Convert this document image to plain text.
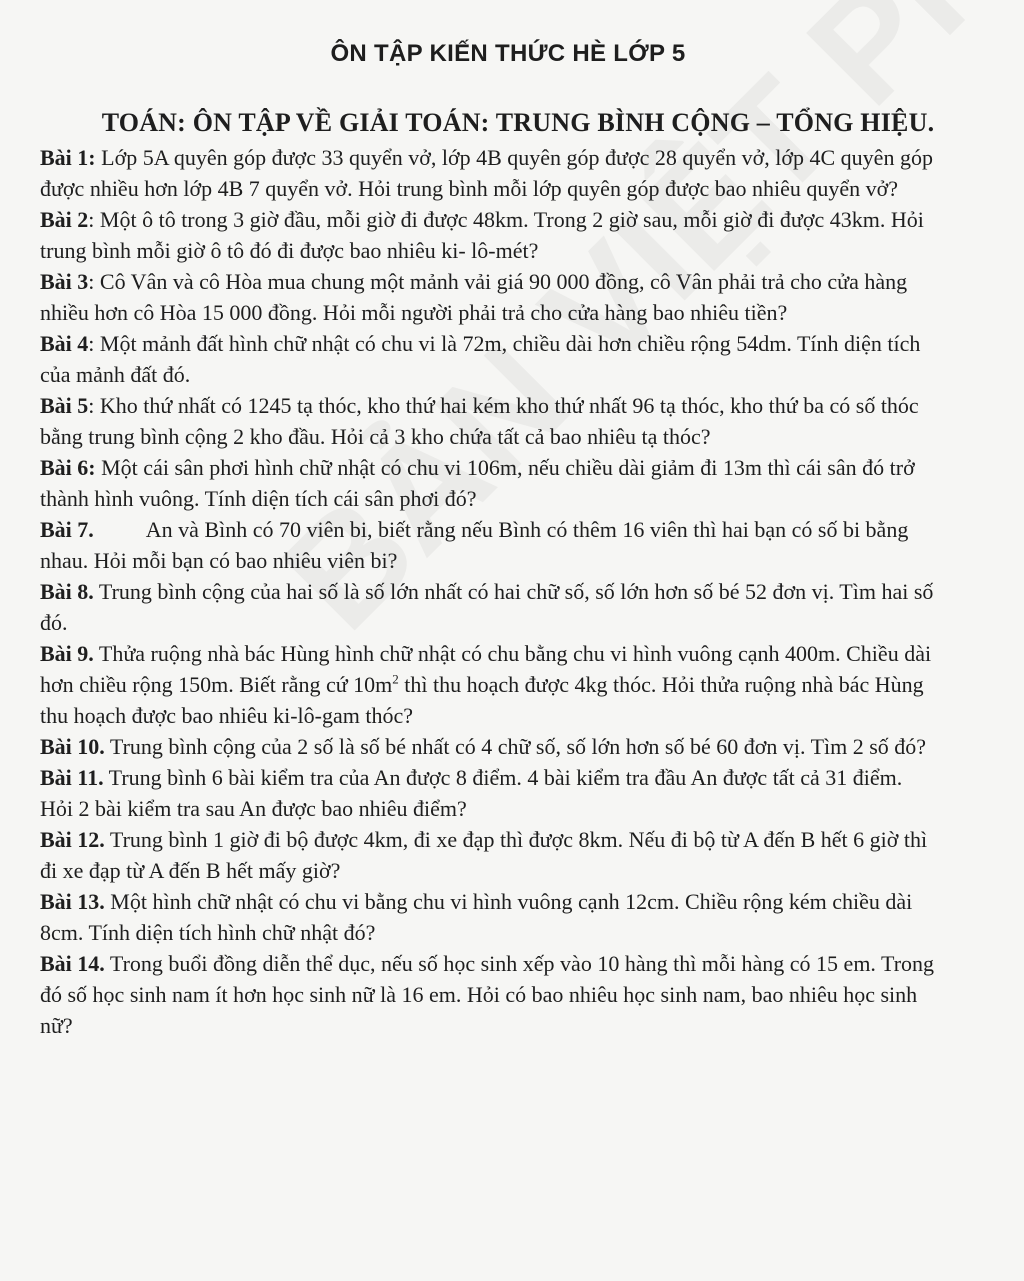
ÔN TẬP KIẾN THỨC HÈ LỚP 5
TOÁN: ÔN TẬP VỀ GIẢI TOÁN: TRUNG BÌNH CỘNG – TỔNG HIỆU.

Bài 1: Lớp 5A quyên góp được 33 quyển vở, lớp 4B quyên góp được 28 quyển vở, lớp 4C quyên góp được nhiều hơn lớp 4B 7 quyển vở. Hỏi trung bình mỗi lớp quyên góp được bao nhiêu quyển vở?

Bài 2: Một ô tô trong 3 giờ đầu, mỗi giờ đi được 48km. Trong 2 giờ sau, mỗi giờ đi được 43km. Hỏi trung bình mỗi giờ ô tô đó đi được bao nhiêu ki- lô-mét?

Bài 3: Cô Vân và cô Hòa mua chung một mảnh vải giá 90 000 đồng, cô Vân phải trả cho cửa hàng nhiều hơn cô Hòa 15 000 đồng. Hỏi mỗi người phải trả cho cửa hàng bao nhiêu tiền?

Bài 4: Một mảnh đất hình chữ nhật có chu vi là 72m, chiều dài hơn chiều rộng 54dm. Tính diện tích của mảnh đất đó.

Bài 5: Kho thứ nhất có 1245 tạ thóc, kho thứ hai kém kho thứ nhất 96 tạ thóc, kho thứ ba có số thóc bằng trung bình cộng 2 kho đầu. Hỏi cả 3 kho chứa tất cả bao nhiêu tạ thóc?

Bài 6: Một cái sân phơi hình chữ nhật có chu vi 106m, nếu chiều dài giảm đi 13m thì cái sân đó trở thành hình vuông. Tính diện tích cái sân phơi đó?

Bài 7. An và Bình có 70 viên bi, biết rằng nếu Bình có thêm 16 viên thì hai bạn có số bi bằng nhau. Hỏi mỗi bạn có bao nhiêu viên bi?

Bài 8. Trung bình cộng của hai số là số lớn nhất có hai chữ số, số lớn hơn số bé 52 đơn vị. Tìm hai số đó.

Bài 9. Thửa ruộng nhà bác Hùng hình chữ nhật có chu bằng chu vi hình vuông cạnh 400m. Chiều dài hơn chiều rộng 150m. Biết rằng cứ $10m^2$ thì thu hoạch được 4kg thóc. Hỏi thửa ruộng nhà bác Hùng thu hoạch được bao nhiêu ki-lô-gam thóc?

Bài 10. Trung bình cộng của 2 số là số bé nhất có 4 chữ số, số lớn hơn số bé 60 đơn vị. Tìm 2 số đó?

Bài 11. Trung bình 6 bài kiểm tra của An được 8 điểm. 4 bài kiểm tra đầu An được tất cả 31 điểm. Hỏi 2 bài kiểm tra sau An được bao nhiêu điểm?

Bài 12. Trung bình 1 giờ đi bộ được 4km, đi xe đạp thì được 8km. Nếu đi bộ từ A đến B hết 6 giờ thì đi xe đạp từ A đến B hết mấy giờ?

Bài 13. Một hình chữ nhật có chu vi bằng chu vi hình vuông cạnh 12cm. Chiều rộng kém chiều dài 8cm. Tính diện tích hình chữ nhật đó?

Bài 14. Trong buổi đồng diễn thể dục, nếu số học sinh xếp vào 10 hàng thì mỗi hàng có 15 em. Trong đó số học sinh nam ít hơn học sinh nữ là 16 em. Hỏi có bao nhiêu học sinh nam, bao nhiêu học sinh nữ?
